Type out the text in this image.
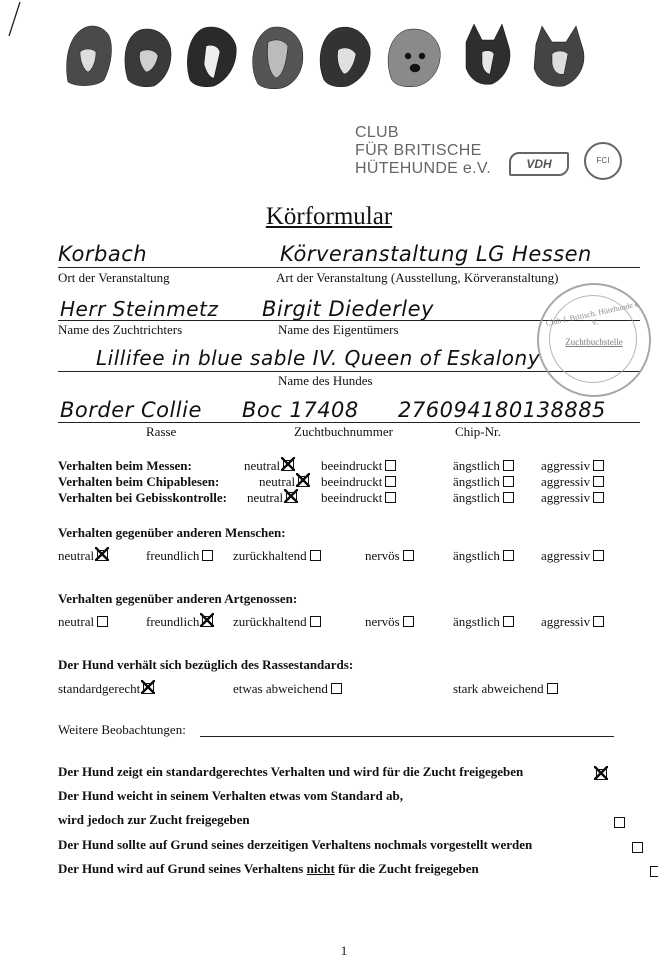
CLUB
FÜR BRITISCHE
HÜTEHUNDE e.V.	VDH	FCI
Körformular
Korbach	Körveranstaltung LG Hessen
Ort der Veranstaltung	Art der Veranstaltung (Ausstellung, Körveranstaltung)
Herr Steinmetz Birgit Diederley
Name des Zuchtrichters	Name des Eigentümers
Lillifee in blue sable IV. Queen of Eskalony
Name des Hundes
Club f. Britisch. Hütehunde e. V.
Zuchtbuchstelle
Border Collie Boc 17408 276094180138885
Rasse	Zuchtbuchnummer	Chip-Nr.
Verhalten beim Messen:	neutral	beeindruckt	ängstlich	aggressiv
Verhalten beim Chipablesen:	neutral	beeindruckt	ängstlich	aggressiv
Verhalten bei Gebisskontrolle: neutral	beeindruckt	ängstlich	aggressiv
Verhalten gegenüber anderen Menschen:
neutral	freundlich	zurückhaltend	nervös	ängstlich	aggressiv
Verhalten gegenüber anderen Artgenossen:
neutral	freundlich	zurückhaltend	nervös	ängstlich	aggressiv
Der Hund verhält sich bezüglich des Rassestandards:
standardgerecht	etwas abweichend	stark abweichend
Weitere Beobachtungen:
Der Hund zeigt ein standardgerechtes Verhalten und wird für die Zucht freigegeben

Der Hund weicht in seinem Verhalten etwas vom Standard ab,
wird jedoch zur Zucht freigegeben

Der Hund sollte auf Grund seines derzeitigen Verhaltens nochmals vorgestellt werden

Der Hund wird auf Grund seines Verhaltens nicht für die Zucht freigegeben
1
